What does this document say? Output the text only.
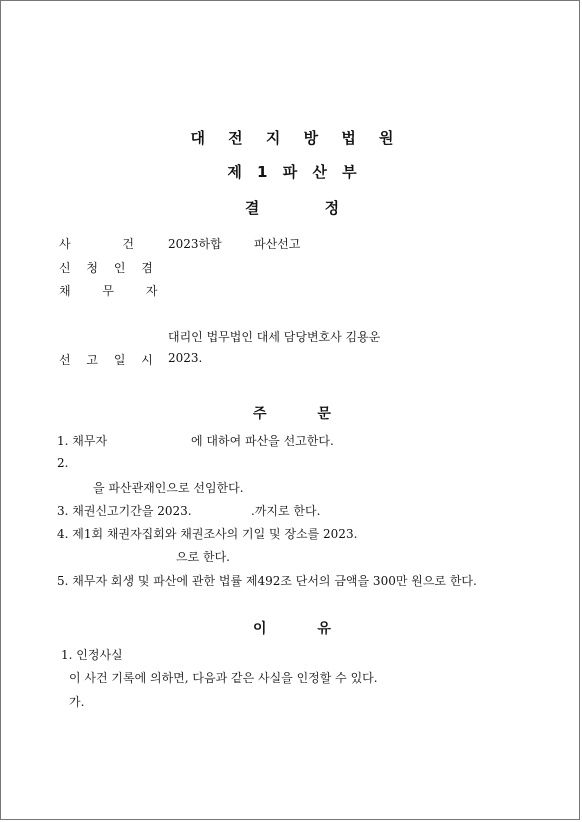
대 전 지 방 법 원
제 1 파 산 부
결 정
사	건	2023하합	파산선고
신 청 인 겸
채 무 자
대리인 법무법인 대세 담당변호사 김용운
선 고 일 시 2023.
주 문
1. 채무자	에 대하여 파산을 선고한다.
2.
을 파산관재인으로 선임한다.
3. 채권신고기간을 2023.	.까지로 한다.
4. 제1회 채권자집회와 채권조사의 기일 및 장소를 2023.
으로 한다.
5. 채무자 회생 및 파산에 관한 법률 제492조 단서의 금액을 300만 원으로 한다.
이 유
1. 인정사실
이 사건 기록에 의하면, 다음과 같은 사실을 인정할 수 있다.
가.
